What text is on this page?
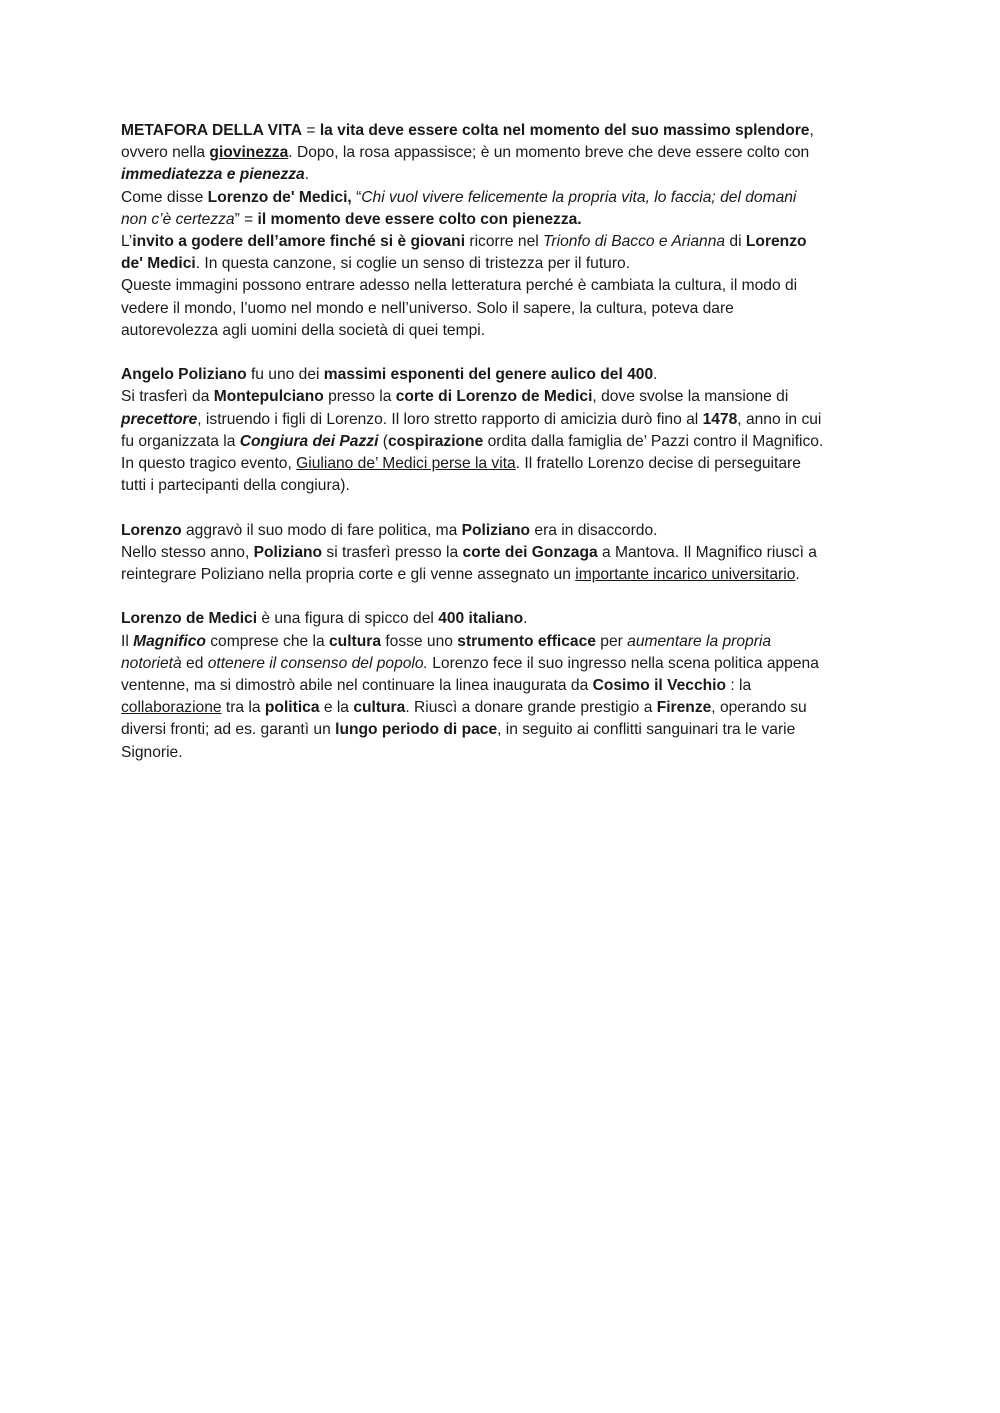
METAFORA DELLA VITA = la vita deve essere colta nel momento del suo massimo splendore,
ovvero nella giovinezza. Dopo, la rosa appassisce; è un momento breve che deve essere colto con
immediatezza e pienezza.
Come disse Lorenzo de' Medici, “Chi vuol vivere felicemente la propria vita, lo faccia; del domani
non c’è certezza” = il momento deve essere colto con pienezza.
L’invito a godere dell’amore finché si è giovani ricorre nel Trionfo di Bacco e Arianna di Lorenzo
de' Medici. In questa canzone, si coglie un senso di tristezza per il futuro.
Queste immagini possono entrare adesso nella letteratura perché è cambiata la cultura, il modo di
vedere il mondo, l’uomo nel mondo e nell’universo. Solo il sapere, la cultura, poteva dare
autorevolezza agli uomini della società di quei tempi.
Angelo Poliziano fu uno dei massimi esponenti del genere aulico del 400.
Si trasferì da Montepulciano presso la corte di Lorenzo de Medici, dove svolse la mansione di
precettore, istruendo i figli di Lorenzo. Il loro stretto rapporto di amicizia durò fino al 1478, anno in cui
fu organizzata la Congiura dei Pazzi (cospirazione ordita dalla famiglia de’ Pazzi contro il Magnifico.
In questo tragico evento, Giuliano de’ Medici perse la vita. Il fratello Lorenzo decise di perseguitare
tutti i partecipanti della congiura).
Lorenzo aggravò il suo modo di fare politica, ma Poliziano era in disaccordo.
Nello stesso anno, Poliziano si trasferì presso la corte dei Gonzaga a Mantova. Il Magnifico riuscì a
reintegrare Poliziano nella propria corte e gli venne assegnato un importante incarico universitario.
Lorenzo de Medici è una figura di spicco del 400 italiano.
Il Magnifico comprese che la cultura fosse uno strumento efficace per aumentare la propria
notorietà ed ottenere il consenso del popolo. Lorenzo fece il suo ingresso nella scena politica appena
ventenne, ma si dimostrò abile nel continuare la linea inaugurata da Cosimo il Vecchio : la
collaborazione tra la politica e la cultura. Riuscì a donare grande prestigio a Firenze, operando su
diversi fronti; ad es. garantì un lungo periodo di pace, in seguito ai conflitti sanguinari tra le varie
Signorie.
